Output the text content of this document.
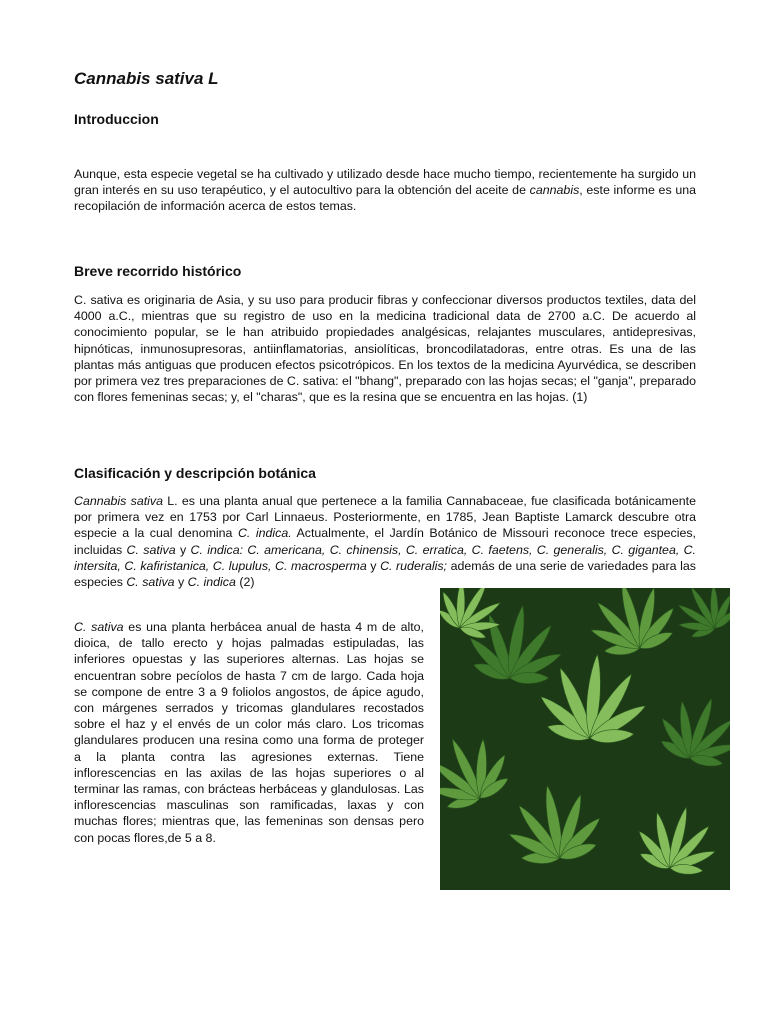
Cannabis sativa L
Introduccion

Aunque, esta especie vegetal se ha cultivado y utilizado desde hace mucho tiempo, recientemente ha surgido un gran interés en su uso terapéutico, y el autocultivo para la obtención del aceite de cannabis, este informe es una recopilación de información acerca de estos temas.

Breve recorrido histórico

C. sativa es originaria de Asia, y su uso para producir fibras y confeccionar diversos productos textiles, data del 4000 a.C., mientras que su registro de uso en la medicina tradicional data de 2700 a.C. De acuerdo al conocimiento popular, se le han atribuido propiedades analgésicas, relajantes musculares, antidepresivas, hipnóticas, inmunosupresoras, antiinflamatorias, ansiolíticas, broncodilatadoras, entre otras. Es una de las plantas más antiguas que producen efectos psicotrópicos. En los textos de la medicina Ayurvédica, se describen por primera vez tres preparaciones de C. sativa: el "bhang", preparado con las hojas secas; el "ganja", preparado con flores femeninas secas; y, el "charas", que es la resina que se encuentra en las hojas. (1)

Clasificación y descripción botánica

Cannabis sativa L. es una planta anual que pertenece a la familia Cannabaceae, fue clasificada botánicamente por primera vez en 1753 por Carl Linnaeus. Posteriormente, en 1785, Jean Baptiste Lamarck descubre otra especie a la cual denomina C. indica. Actualmente, el Jardín Botánico de Missouri reconoce trece especies, incluidas C. sativa y C. indica: C. americana, C. chinensis, C. erratica, C. faetens, C. generalis, C. gigantea, C. intersita, C. kafiristanica, C. lupulus, C. macrosperma y C. ruderalis; además de una serie de variedades para las especies C. sativa y C. indica (2)

C. sativa es una planta herbácea anual de hasta 4 m de alto, dioica, de tallo erecto y hojas palmadas estipuladas, las inferiores opuestas y las superiores alternas. Las hojas se encuentran sobre pecíolos de hasta 7 cm de largo. Cada hoja se compone de entre 3 a 9 foliolos angostos, de ápice agudo, con márgenes serrados y tricomas glandulares recostados sobre el haz y el envés de un color más claro. Los tricomas glandulares producen una resina como una forma de proteger a la planta contra las agresiones externas. Tiene inflorescencias en las axilas de las hojas superiores o al terminar las ramas, con brácteas herbáceas y glandulosas. Las inflorescencias masculinas son ramificadas, laxas y con muchas flores; mientras que, las femeninas son densas pero con pocas flores,de 5 a 8.
